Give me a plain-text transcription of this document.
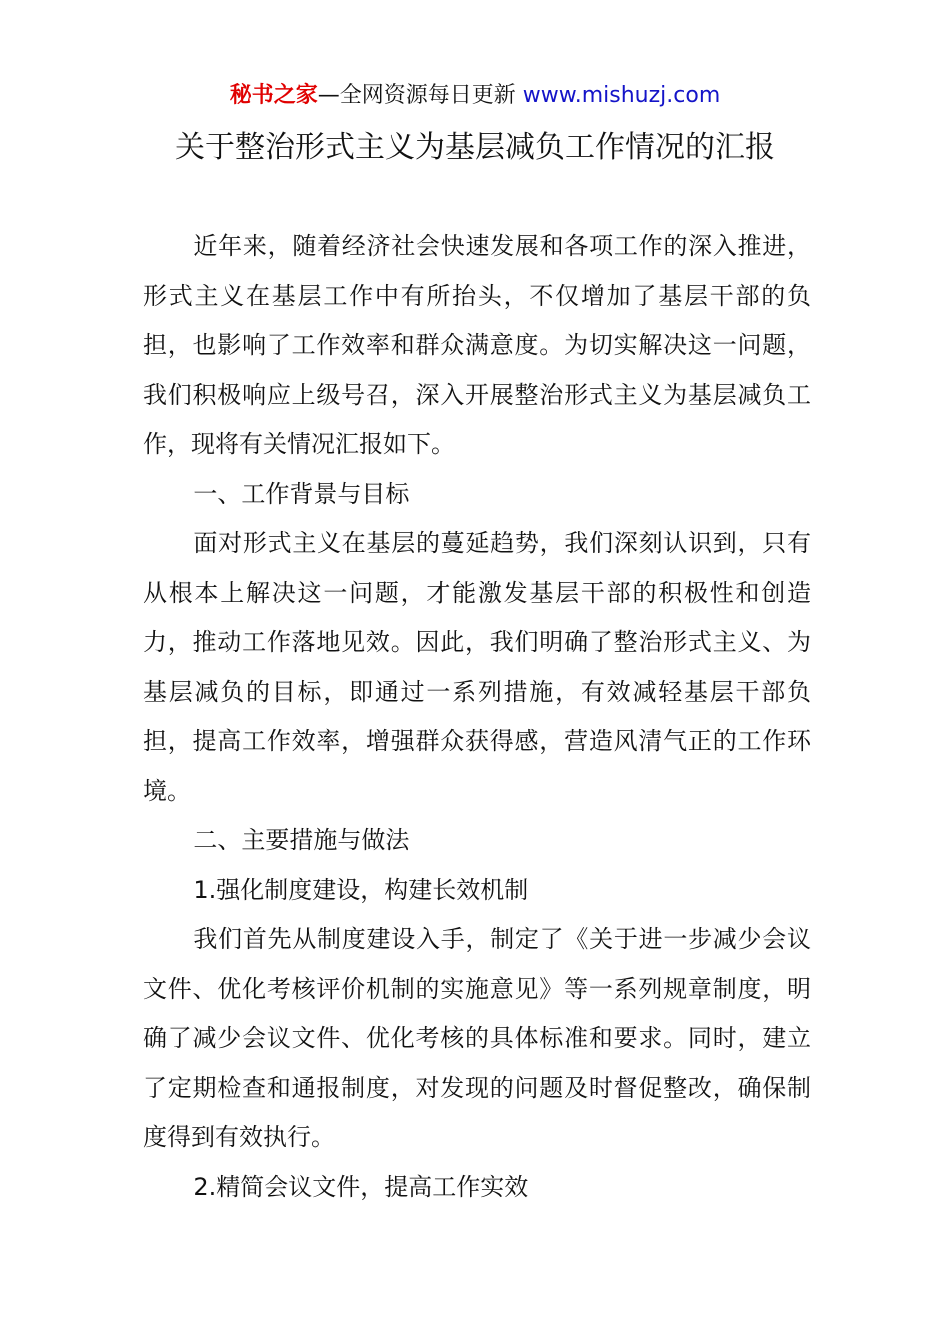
秘书之家—全网资源每日更新 www.mishuzj.com
关于整治形式主义为基层减负工作情况的汇报

近年来，随着经济社会快速发展和各项工作的深入推进，形式主义在基层工作中有所抬头，不仅增加了基层干部的负担，也影响了工作效率和群众满意度。为切实解决这一问题，我们积极响应上级号召，深入开展整治形式主义为基层减负工作，现将有关情况汇报如下。

一、工作背景与目标

面对形式主义在基层的蔓延趋势，我们深刻认识到，只有从根本上解决这一问题，才能激发基层干部的积极性和创造力，推动工作落地见效。因此，我们明确了整治形式主义、为基层减负的目标，即通过一系列措施，有效减轻基层干部负担，提高工作效率，增强群众获得感，营造风清气正的工作环境。

二、主要措施与做法

1.强化制度建设，构建长效机制

我们首先从制度建设入手，制定了《关于进一步减少会议文件、优化考核评价机制的实施意见》等一系列规章制度，明确了减少会议文件、优化考核的具体标准和要求。同时，建立了定期检查和通报制度，对发现的问题及时督促整改，确保制度得到有效执行。

2.精简会议文件，提高工作实效
